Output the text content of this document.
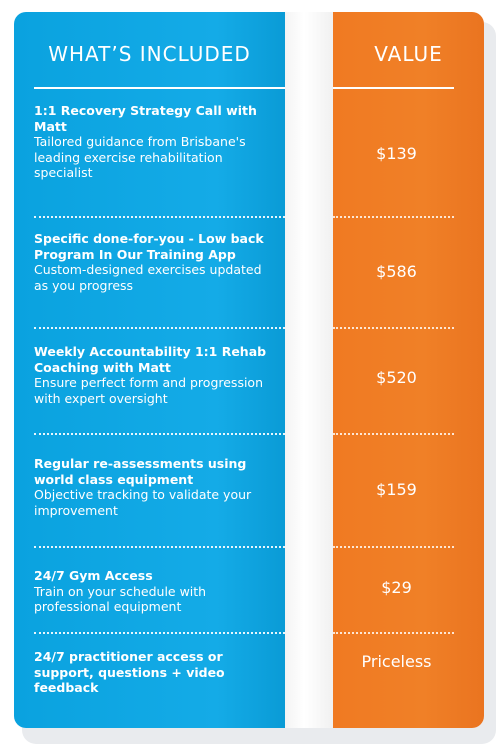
WHAT’S INCLUDED	VALUE
1:1 Recovery Strategy Call with Matt
Tailored guidance from Brisbane's leading exercise rehabilitation specialist
$139
Specific done-for-you - Low back Program In Our Training App
Custom-designed exercises updated as you progress
$586
Weekly Accountability 1:1 Rehab Coaching with Matt
Ensure perfect form and progression with expert oversight
$520
Regular re-assessments using world class equipment
Objective tracking to validate your improvement
$159
24/7 Gym Access
Train on your schedule with professional equipment
$29
24/7 practitioner access or support, questions + video feedback
Priceless
